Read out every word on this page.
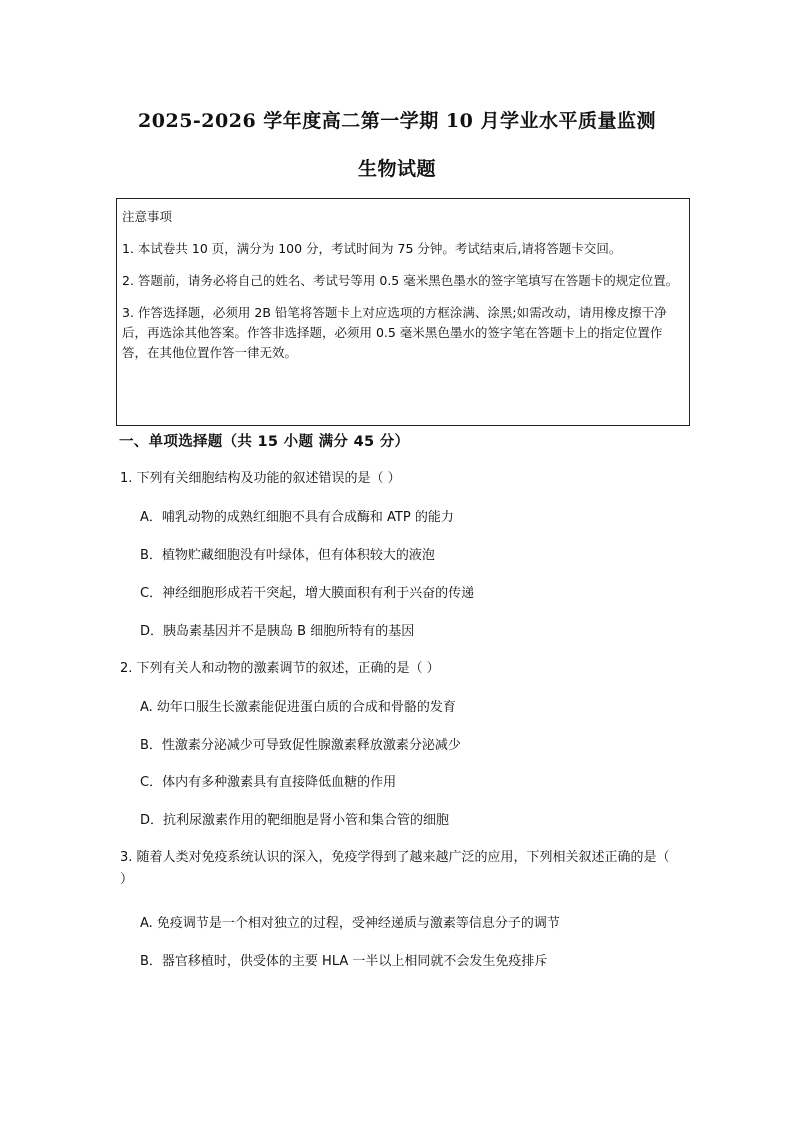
2025-2026 学年度高二第一学期 10 月学业水平质量监测
生物试题
注意事项
1. 本试卷共 10 页，满分为 100 分，考试时间为 75 分钟。考试结束后,请将答题卡交回。
2. 答题前，请务必将自己的姓名、考试号等用 0.5 毫米黑色墨水的签字笔填写在答题卡的规定位置。
3. 作答选择题，必须用 2B 铅笔将答题卡上对应选项的方框涂满、涂黑;如需改动，请用橡皮擦干净后，再选涂其他答案。作答非选择题，必须用 0.5 毫米黑色墨水的签字笔在答题卡上的指定位置作答，在其他位置作答一律无效。
一、单项选择题（共 15 小题 满分 45 分）
1. 下列有关细胞结构及功能的叙述错误的是（ ）
A．哺乳动物的成熟红细胞不具有合成酶和 ATP 的能力
B．植物贮藏细胞没有叶绿体，但有体积较大的液泡
C．神经细胞形成若干突起，增大膜面积有利于兴奋的传递
D．胰岛素基因并不是胰岛 B 细胞所特有的基因
2. 下列有关人和动物的激素调节的叙述，正确的是（ ）
A. 幼年口服生长激素能促进蛋白质的合成和骨骼的发育
B．性激素分泌减少可导致促性腺激素释放激素分泌减少
C．体内有多种激素具有直接降低血糖的作用
D．抗利尿激素作用的靶细胞是肾小管和集合管的细胞
3. 随着人类对免疫系统认识的深入，免疫学得到了越来越广泛的应用，下列相关叙述正确的是（ ）
A. 免疫调节是一个相对独立的过程，受神经递质与激素等信息分子的调节
B．器官移植时，供受体的主要 HLA 一半以上相同就不会发生免疫排斥
